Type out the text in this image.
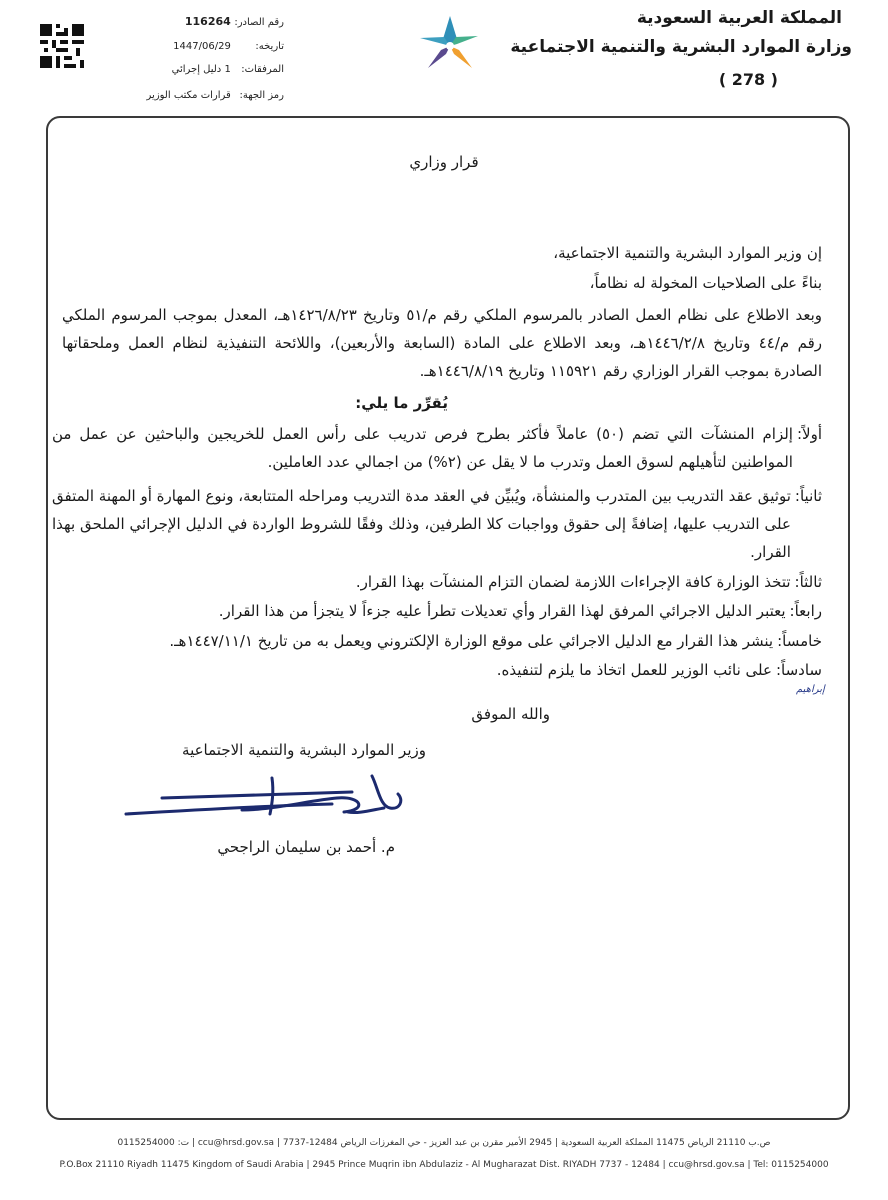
المملكة العربية السعودية
وزارة الموارد البشرية والتنمية الاجتماعية
( 278 )
رقم الصادر: 116264
تاريخه: 1447/06/29
المرفقات: 1 دليل إجرائي
رمز الجهة: قرارات مكتب الوزير
قرار وزاري
إن وزير الموارد البشرية والتنمية الاجتماعية،
بناءً على الصلاحيات المخولة له نظاماً،
وبعد الاطلاع على نظام العمل الصادر بالمرسوم الملكي رقم م/٥١ وتاريخ ١٤٢٦/٨/٢٣هـ، المعدل بموجب المرسوم الملكي رقم م/٤٤ وتاريخ ١٤٤٦/٢/٨هـ، وبعد الاطلاع على المادة (السابعة والأربعين)، واللائحة التنفيذية لنظام العمل وملحقاتها الصادرة بموجب القرار الوزاري رقم ١١٥٩٢١ وتاريخ ١٤٤٦/٨/١٩هـ.
يُقرِّر ما يلي:
أولاً:
إلزام المنشآت التي تضم (٥٠) عاملاً فأكثر بطرح فرص تدريب على رأس العمل للخريجين والباحثين عن عمل من المواطنين لتأهيلهم لسوق العمل وتدرب ما لا يقل عن (٢%) من اجمالي عدد العاملين.
ثانياً:
توثيق عقد التدريب بين المتدرب والمنشأة، ويُبيِّن في العقد مدة التدريب ومراحله المتتابعة، ونوع المهارة أو المهنة المتفق على التدريب عليها، إضافةً إلى حقوق وواجبات كلا الطرفين، وذلك وفقًا للشروط الواردة في الدليل الإجرائي الملحق بهذا القرار.
ثالثاً:
تتخذ الوزارة كافة الإجراءات اللازمة لضمان التزام المنشآت بهذا القرار.
رابعاً:
يعتبر الدليل الاجرائي المرفق لهذا القرار وأي تعديلات تطرأ عليه جزءاً لا يتجزأ من هذا القرار.
خامساً:
ينشر هذا القرار مع الدليل الاجرائي على موقع الوزارة الإلكتروني ويعمل به من تاريخ ١٤٤٧/١١/١هـ.
سادساً:
على نائب الوزير للعمل اتخاذ ما يلزم لتنفيذه.
إبراهيم
والله الموفق
وزير الموارد البشرية والتنمية الاجتماعية
م. أحمد بن سليمان الراجحي
ص.ب 21110 الرياض 11475 المملكة العربية السعودية | 2945 الأمير مقرن بن عبد العزيز - حي المغرزات الرياض 12484-7737 | ccu@hrsd.gov.sa | ت: 0115254000
P.O.Box 21110 Riyadh 11475 Kingdom of Saudi Arabia | 2945 Prince Muqrin ibn Abdulaziz - Al Mugharazat Dist. RIYADH 7737 - 12484 | ccu@hrsd.gov.sa | Tel: 0115254000
